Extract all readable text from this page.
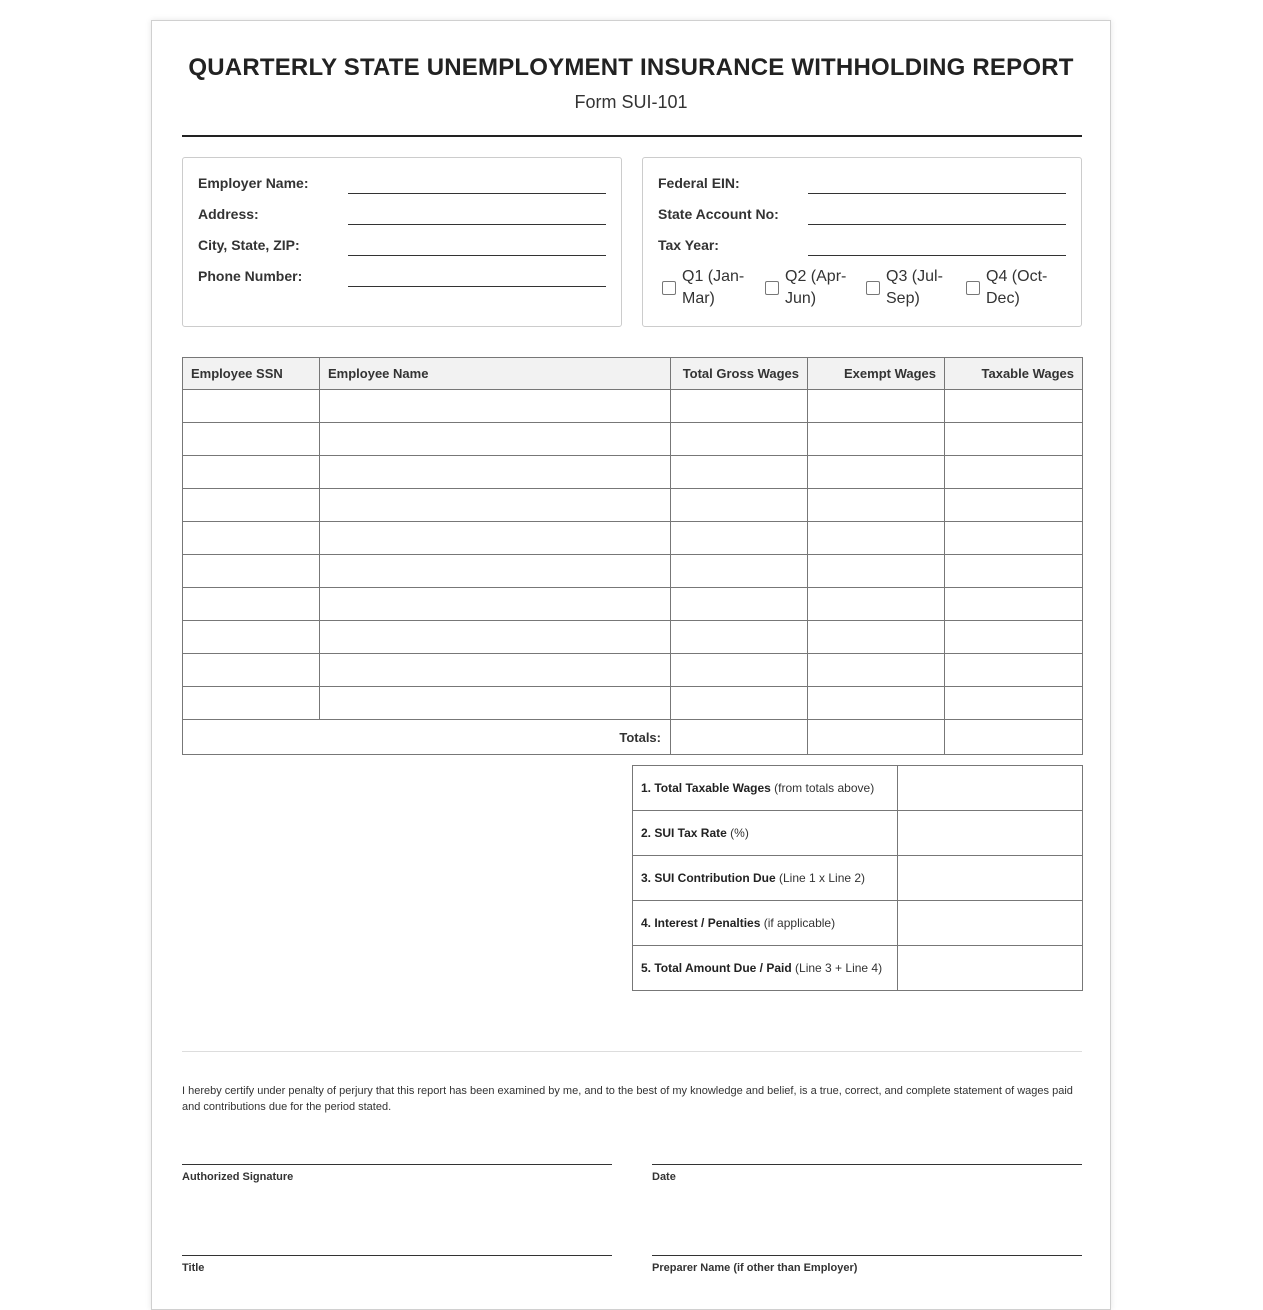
QUARTERLY STATE UNEMPLOYMENT INSURANCE WITHHOLDING REPORT
Form SUI-101
Employer Name:
Address:
City, State, ZIP:
Phone Number:
Federal EIN:
State Account No:
Tax Year:
Q1 (Jan-Mar)
Q2 (Apr-Jun)
Q3 (Jul-Sep)
Q4 (Oct-Dec)
Employee SSN	Employee Name	Total Gross Wages	Exempt Wages	Taxable Wages

Totals:				
1. Total Taxable Wages (from totals above)	
2. SUI Tax Rate (%)	
3. SUI Contribution Due (Line 1 x Line 2)	
4. Interest / Penalties (if applicable)	
5. Total Amount Due / Paid (Line 3 + Line 4)	
I hereby certify under penalty of perjury that this report has been examined by me, and to the best of my knowledge and belief, is a true, correct, and complete statement of wages paid and contributions due for the period stated.
Authorized Signature	Date
Title	Preparer Name (if other than Employer)
